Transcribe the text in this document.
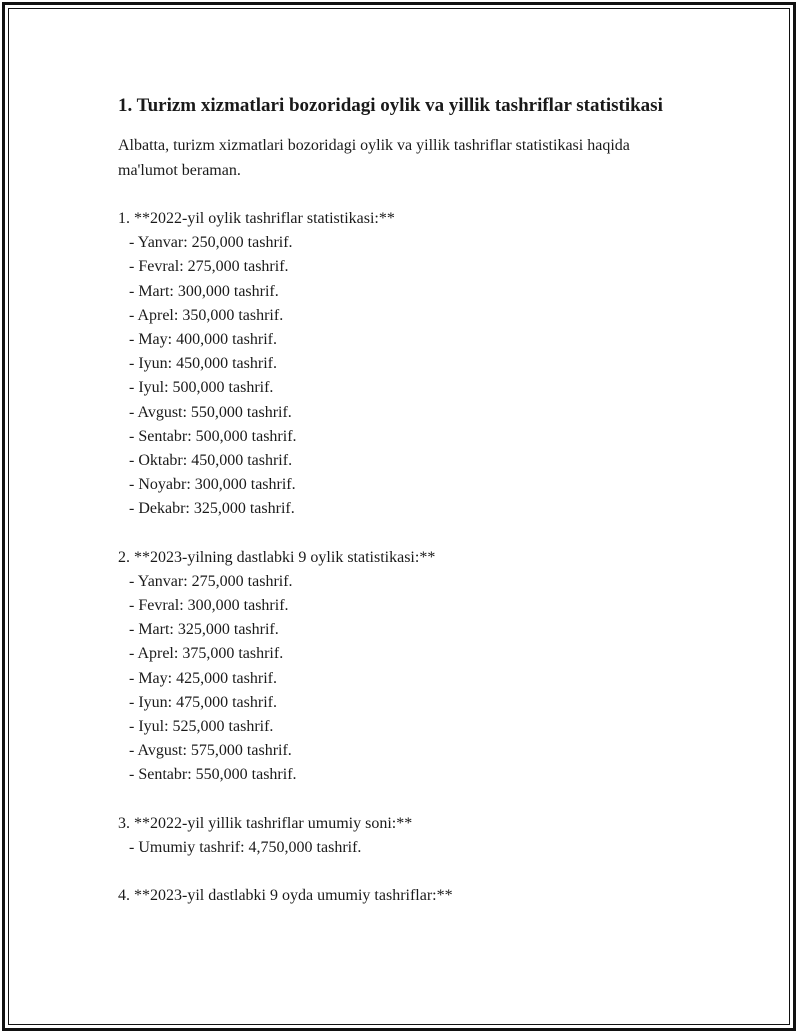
1. Turizm xizmatlari bozoridagi oylik va yillik tashriflar statistikasi
Albatta, turizm xizmatlari bozoridagi oylik va yillik tashriflar statistikasi haqida ma'lumot beraman.
1. **2022-yil oylik tashriflar statistikasi:**
- Yanvar: 250,000 tashrif.
- Fevral: 275,000 tashrif.
- Mart: 300,000 tashrif.
- Aprel: 350,000 tashrif.
- May: 400,000 tashrif.
- Iyun: 450,000 tashrif.
- Iyul: 500,000 tashrif.
- Avgust: 550,000 tashrif.
- Sentabr: 500,000 tashrif.
- Oktabr: 450,000 tashrif.
- Noyabr: 300,000 tashrif.
- Dekabr: 325,000 tashrif.
2. **2023-yilning dastlabki 9 oylik statistikasi:**
- Yanvar: 275,000 tashrif.
- Fevral: 300,000 tashrif.
- Mart: 325,000 tashrif.
- Aprel: 375,000 tashrif.
- May: 425,000 tashrif.
- Iyun: 475,000 tashrif.
- Iyul: 525,000 tashrif.
- Avgust: 575,000 tashrif.
- Sentabr: 550,000 tashrif.
3. **2022-yil yillik tashriflar umumiy soni:**
- Umumiy tashrif: 4,750,000 tashrif.
4. **2023-yil dastlabki 9 oyda umumiy tashriflar:**
